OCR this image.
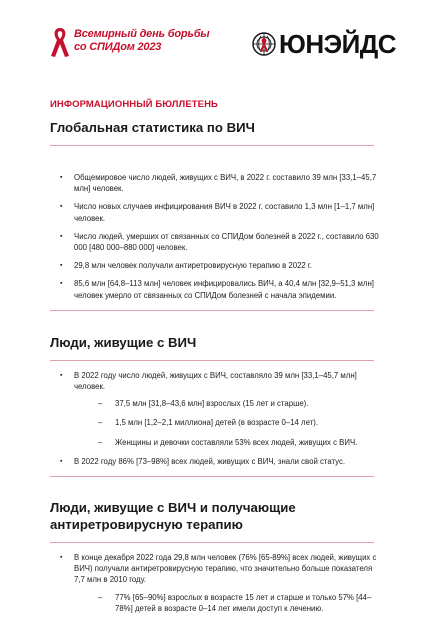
Всемирный день борьбы
со СПИДом 2023	ЮНЭЙДС
ИНФОРМАЦИОННЫЙ БЮЛЛЕТЕНЬ
Глобальная статистика по ВИЧ
▪ Общемировое число людей, живущих с ВИЧ, в 2022 г. составило 39 млн [33,1–45,7 млн] человек.
▪ Число новых случаев инфицирования ВИЧ в 2022 г. составило 1,3 млн [1–1,7 млн] человек.
▪ Число людей, умерших от связанных со СПИДом болезней в 2022 г., составило 630 000 [480 000–880 000] человек.
▪ 29,8 млн человек получали антиретровирусную терапию в 2022 г.
▪ 85,6 млн [64,8–113 млн] человек инфицировались ВИЧ, а 40,4 млн [32,9–51,3 млн] человек умерло от связанных со СПИДом болезней с начала эпидемии.
Люди, живущие с ВИЧ
▪ В 2022 году число людей, живущих с ВИЧ, составляло 39 млн [33,1–45,7 млн] человек.
– 37,5 млн [31,8–43,6 млн] взрослых (15 лет и старше).
– 1,5 млн [1,2–2,1 миллиона] детей (в возрасте 0–14 лет).
– Женщины и девочки составляли 53% всех людей, живущих с ВИЧ.
▪ В 2022 году 86% [73–98%] всех людей, живущих с ВИЧ, знали свой статус.
Люди, живущие с ВИЧ и получающие
антиретровирусную терапию
▪ В конце декабря 2022 года 29,8 млн человек (76% [65-89%] всех людей, живущих с ВИЧ) получали антиретровирусную терапию, что значительно больше показателя 7,7 млн в 2010 году.
– 77% [65–90%] взрослых в возрасте 15 лет и старше и только 57% [44–78%] детей в возрасте 0–14 лет имели доступ к лечению.
